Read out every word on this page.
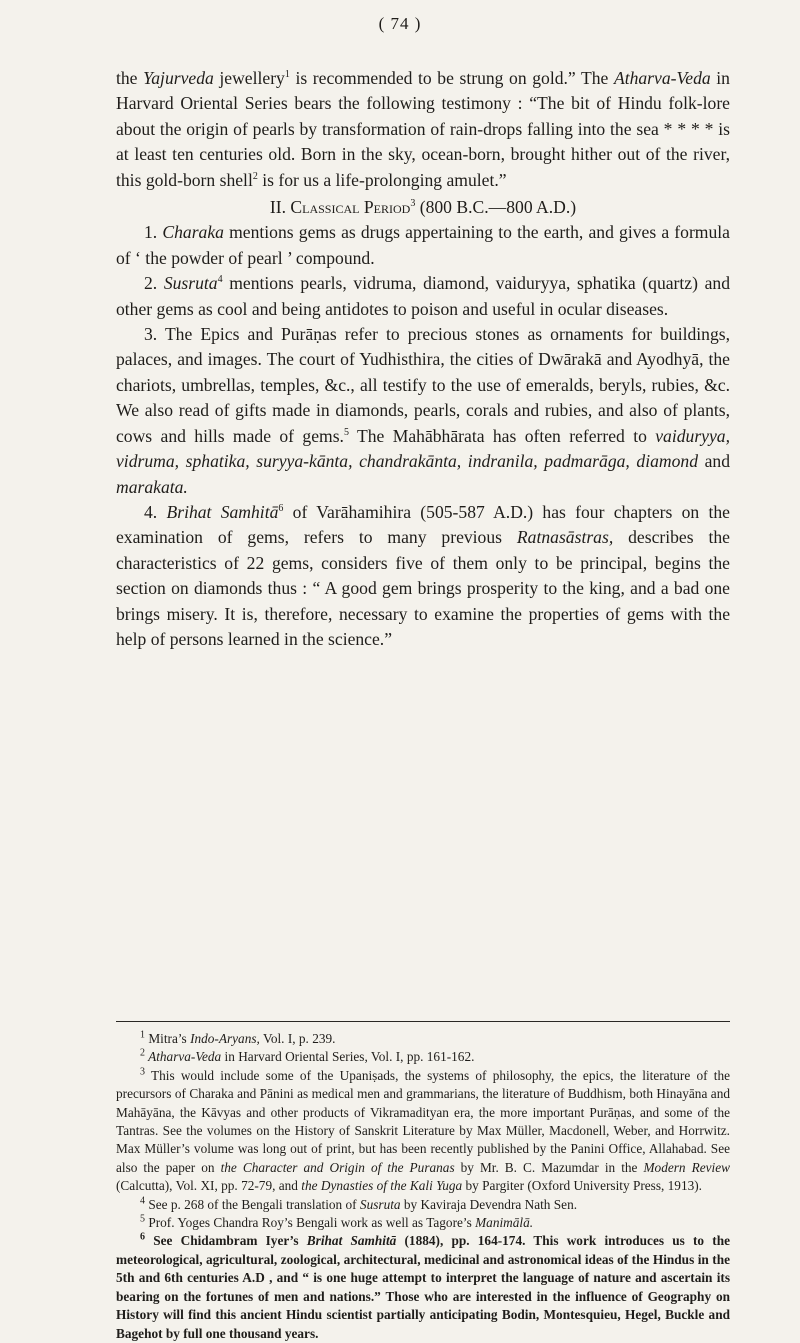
( 74 )

the Yajurveda jewellery$^1$ is recommended to be strung on gold.” The Atharva-Veda in Harvard Oriental Series bears the following testimony : “The bit of Hindu folk-lore about the origin of pearls by transformation of rain-drops falling into the sea * * * * is at least ten centuries old. Born in the sky, ocean-born, brought hither out of the river, this gold-born shell$^2$ is for us a life-prolonging amulet.”

II. Classical Period$^3$ (800 B.C.—800 A.D.)

1. Charaka mentions gems as drugs appertaining to the earth, and gives a formula of ‘ the powder of pearl ’ compound.

2. Susruta$^4$ mentions pearls, vidruma, diamond, vaiduryya, sphatika (quartz) and other gems as cool and being antidotes to poison and useful in ocular diseases.

3. The Epics and Purāṇas refer to precious stones as ornaments for buildings, palaces, and images. The court of Yudhisthira, the cities of Dwārakā and Ayodhyā, the chariots, umbrellas, temples, &c., all testify to the use of emeralds, beryls, rubies, &c. We also read of gifts made in diamonds, pearls, corals and rubies, and also of plants, cows and hills made of gems.$^5$ The Mahābhārata has often referred to vaiduryya, vidruma, sphatika, suryya-kānta, chandrakānta, indranila, padmarāga, diamond and marakata.

4. Brihat Samhitā$^6$ of Varāhamihira (505-587 A.D.) has four chapters on the examination of gems, refers to many previous Ratnasāstras, describes the characteristics of 22 gems, considers five of them only to be principal, begins the section on diamonds thus : “ A good gem brings prosperity to the king, and a bad one brings misery. It is, therefore, necessary to examine the properties of gems with the help of persons learned in the science.”

$^1$ Mitra’s Indo-Aryans, Vol. I, p. 239.

$^2$ Atharva-Veda in Harvard Oriental Series, Vol. I, pp. 161-162.

$^3$ This would include some of the Upaniṣads, the systems of philosophy, the epics, the literature of the precursors of Charaka and Pānini as medical men and grammarians, the literature of Buddhism, both Hinayāna and Mahāyāna, the Kāvyas and other products of Vikramadityan era, the more important Purāṇas, and some of the Tantras. See the volumes on the History of Sanskrit Literature by Max Müller, Macdonell, Weber, and Horrwitz. Max Müller’s volume was long out of print, but has been recently published by the Panini Office, Allahabad. See also the paper on the Character and Origin of the Puranas by Mr. B. C. Mazumdar in the Modern Review (Calcutta), Vol. XI, pp. 72-79, and the Dynasties of the Kali Yuga by Pargiter (Oxford University Press, 1913).

$^4$ See p. 268 of the Bengali translation of Susruta by Kaviraja Devendra Nath Sen.

$^5$ Prof. Yoges Chandra Roy’s Bengali work as well as Tagore’s Manimālā.

$^6$ See Chidambram Iyer’s Brihat Samhitā (1884), pp. 164-174. This work introduces us to the meteorological, agricultural, zoological, architectural, medicinal and astronomical ideas of the Hindus in the 5th and 6th centuries A.D , and “ is one huge attempt to interpret the language of nature and ascertain its bearing on the fortunes of men and nations.” Those who are interested in the influence of Geography on History will find this ancient Hindu scientist partially anticipating Bodin, Montesquieu, Hegel, Buckle and Bagehot by full one thousand years.
